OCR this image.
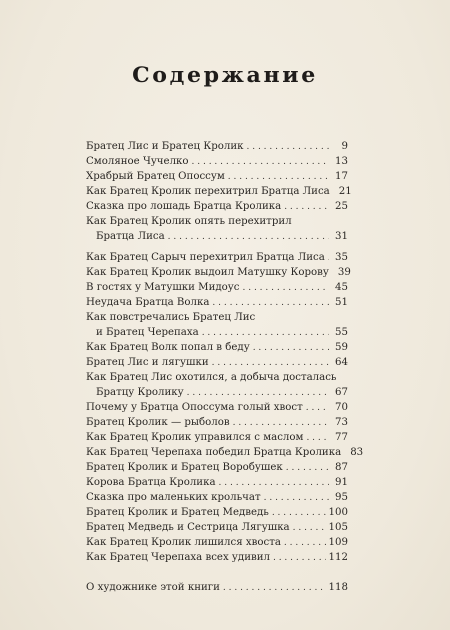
Содержание
Братец Лис и Братец Кролик . . .	9
Смоляное Чучелко . . .	13
Храбрый Братец Опоссум . . .	17
Как Братец Кролик перехитрил Братца Лиса 21
Сказка про лошадь Братца Кролика . . .	25
Как Братец Кролик опять перехитрил
Братца Лиса . . .	31
Как Братец Сарыч перехитрил Братца Лиса . . . 35
Как Братец Кролик выдоил Матушку Корову 39
В гостях у Матушки Мидоус . . .	45
Неудача Братца Волка . . .	51
Как повстречались Братец Лис
и Братец Черепаха . . .	55
Как Братец Волк попал в беду . . .	59
Братец Лис и лягушки . . .	64
Как Братец Лис охотился, а добыча досталась
Братцу Кролику . . .	67
Почему у Братца Опоссума голый хвост . . .	70
Братец Кролик — рыболов . . .	73
Как Братец Кролик управился с маслом . . .	77
Как Братец Черепаха победил Братца Кролика 83
Братец Кролик и Братец Воробушек . . .	87
Корова Братца Кролика . . .	91
Сказка про маленьких крольчат . . .	95
Братец Кролик и Братец Медведь . . .	100
Братец Медведь и Сестрица Лягушка . . .	105
Как Братец Кролик лишился хвоста . . .	109
Как Братец Черепаха всех удивил . . .	112
О художнике этой книги . . .	118
